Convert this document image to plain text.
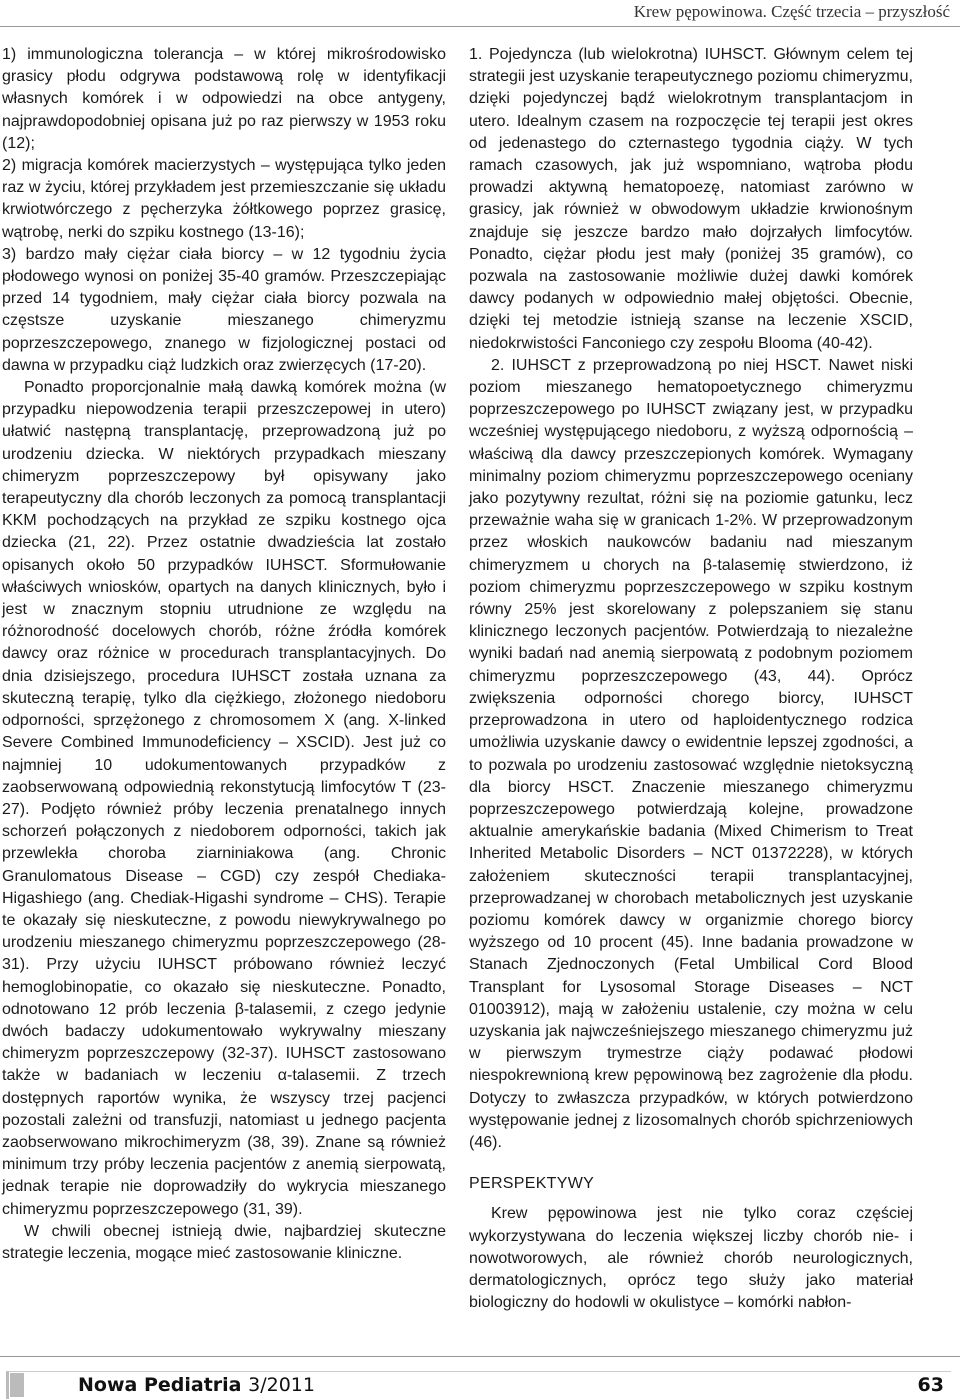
Krew pępowinowa. Część trzecia – przyszłość

1) immunologiczna tolerancja – w której mikrośrodowisko grasicy płodu odgrywa podstawową rolę w identyfikacji własnych komórek i w odpowiedzi na obce antygeny, najprawdopodobniej opisana już po raz pierwszy w 1953 roku (12);

2) migracja komórek macierzystych – występująca tylko jeden raz w życiu, której przykładem jest przemieszczanie się układu krwiotwórczego z pęcherzyka żółtkowego poprzez grasicę, wątrobę, nerki do szpiku kostnego (13-16);

3) bardzo mały ciężar ciała biorcy – w 12 tygodniu życia płodowego wynosi on poniżej 35-40 gramów. Przeszczepiając przed 14 tygodniem, mały ciężar ciała biorcy pozwala na częstsze uzyskanie mieszanego chimeryzmu poprzeszczepowego, znanego w fizjologicznej postaci od dawna w przypadku ciąż ludzkich oraz zwierzęcych (17-20).

Ponadto proporcjonalnie małą dawką komórek można (w przypadku niepowodzenia terapii przeszczepowej in utero) ułatwić następną transplantację, przeprowadzoną już po urodzeniu dziecka. W niektórych przypadkach mieszany chimeryzm poprzeszczepowy był opisywany jako terapeutyczny dla chorób leczonych za pomocą transplantacji KKM pochodzących na przykład ze szpiku kostnego ojca dziecka (21, 22). Przez ostatnie dwadzieścia lat zostało opisanych około 50 przypadków IUHSCT. Sformułowanie właściwych wniosków, opartych na danych klinicznych, było i jest w znacznym stopniu utrudnione ze względu na różnorodność docelowych chorób, różne źródła komórek dawcy oraz różnice w procedurach transplantacyjnych. Do dnia dzisiejszego, procedura IUHSCT została uznana za skuteczną terapię, tylko dla ciężkiego, złożonego niedoboru odporności, sprzężonego z chromosomem X (ang. X-linked Severe Combined Immunodeficiency – XSCID). Jest już co najmniej 10 udokumentowanych przypadków z zaobserwowaną odpowiednią rekonstytucją limfocytów T (23-27). Podjęto również próby leczenia prenatalnego innych schorzeń połączonych z niedoborem odporności, takich jak przewlekła choroba ziarniniakowa (ang. Chronic Granulomatous Disease – CGD) czy zespół Chediaka-Higashiego (ang. Chediak-Higashi syndrome – CHS). Terapie te okazały się nieskuteczne, z powodu niewykrywalnego po urodzeniu mieszanego chimeryzmu poprzeszczepowego (28-31). Przy użyciu IUHSCT próbowano również leczyć hemoglobinopatie, co okazało się nieskuteczne. Ponadto, odnotowano 12 prób leczenia β-talasemii, z czego jedynie dwóch badaczy udokumentowało wykrywalny mieszany chimeryzm poprzeszczepowy (32-37). IUHSCT zastosowano także w badaniach w leczeniu α-talasemii. Z trzech dostępnych raportów wynika, że wszyscy trzej pacjenci pozostali zależni od transfuzji, natomiast u jednego pacjenta zaobserwowano mikrochimeryzm (38, 39). Znane są również minimum trzy próby leczenia pacjentów z anemią sierpowatą, jednak terapie nie doprowadziły do wykrycia mieszanego chimeryzmu poprzeszczepowego (31, 39).

W chwili obecnej istnieją dwie, najbardziej skuteczne strategie leczenia, mogące mieć zastosowanie kliniczne.

1. Pojedyncza (lub wielokrotna) IUHSCT. Głównym celem tej strategii jest uzyskanie terapeutycznego poziomu chimeryzmu, dzięki pojedynczej bądź wielokrotnym transplantacjom in utero. Idealnym czasem na rozpoczęcie tej terapii jest okres od jedenastego do czternastego tygodnia ciąży. W tych ramach czasowych, jak już wspomniano, wątroba płodu prowadzi aktywną hematopoezę, natomiast zarówno w grasicy, jak również w obwodowym układzie krwionośnym znajduje się jeszcze bardzo mało dojrzałych limfocytów. Ponadto, ciężar płodu jest mały (poniżej 35 gramów), co pozwala na zastosowanie możliwie dużej dawki komórek dawcy podanych w odpowiednio małej objętości. Obecnie, dzięki tej metodzie istnieją szanse na leczenie XSCID, niedokrwistości Fanconiego czy zespołu Blooma (40-42).

2. IUHSCT z przeprowadzoną po niej HSCT. Nawet niski poziom mieszanego hematopoetycznego chimeryzmu poprzeszczepowego po IUHSCT związany jest, w przypadku wcześniej występującego niedoboru, z wyższą odpornością – właściwą dla dawcy przeszczepionych komórek. Wymagany minimalny poziom chimeryzmu poprzeszczepowego oceniany jako pozytywny rezultat, różni się na poziomie gatunku, lecz przeważnie waha się w granicach 1-2%. W przeprowadzonym przez włoskich naukowców badaniu nad mieszanym chimeryzmem u chorych na β-talasemię stwierdzono, iż poziom chimeryzmu poprzeszczepowego w szpiku kostnym równy 25% jest skorelowany z polepszaniem się stanu klinicznego leczonych pacjentów. Potwierdzają to niezależne wyniki badań nad anemią sierpowatą z podobnym poziomem chimeryzmu poprzeszczepowego (43, 44). Oprócz zwiększenia odporności chorego biorcy, IUHSCT przeprowadzona in utero od haploidentycznego rodzica umożliwia uzyskanie dawcy o ewidentnie lepszej zgodności, a to pozwala po urodzeniu zastosować względnie nietoksyczną dla biorcy HSCT. Znaczenie mieszanego chimeryzmu poprzeszczepowego potwierdzają kolejne, prowadzone aktualnie amerykańskie badania (Mixed Chimerism to Treat Inherited Metabolic Disorders – NCT 01372228), w których założeniem skuteczności terapii transplantacyjnej, przeprowadzanej w chorobach metabolicznych jest uzyskanie poziomu komórek dawcy w organizmie chorego biorcy wyższego od 10 procent (45). Inne badania prowadzone w Stanach Zjednoczonych (Fetal Umbilical Cord Blood Transplant for Lysosomal Storage Diseases – NCT 01003912), mają w założeniu ustalenie, czy można w celu uzyskania jak najwcześniejszego mieszanego chimeryzmu już w pierwszym trymestrze ciąży podawać płodowi niespokrewnioną krew pępowinową bez zagrożenie dla płodu. Dotyczy to zwłaszcza przypadków, w których potwierdzono występowanie jednej z lizosomalnych chorób spichrzeniowych (46).

PERSPEKTYWY

Krew pępowinowa jest nie tylko coraz częściej wykorzystywana do leczenia większej liczby chorób nie- i nowotworowych, ale również chorób neurologicznych, dermatologicznych, oprócz tego służy jako materiał biologiczny do hodowli w okulistyce – komórki nabłon-

Nowa Pediatria 3/2011	63
